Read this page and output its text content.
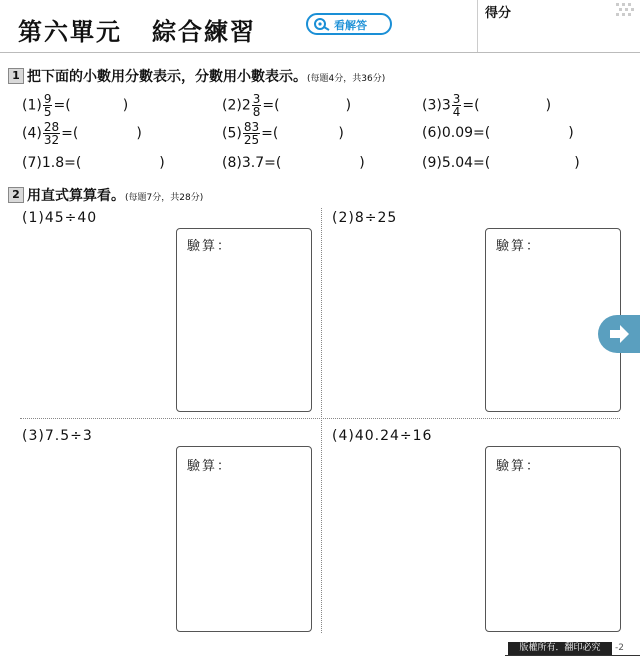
第六單元 綜合練習	看解答
得分
1 把下面的小數用分數表示，分數用小數表示。(每題4分，共36分)
$(1) \frac{9}{5}$ =(	)	$(2)2 \frac{3}{8}$ =(	)	$(3)3 \frac{3}{4}$ =(	)
$(4) \frac{28}{32}$ =(	)	$(5) \frac{83}{25}$ =(	)	(6)0.09=(	)
(7)1.8=(	)	(8)3.7=(	)	(9)5.04=(	)
2 用直式算算看。(每題7分，共28分)
(1)45÷40
驗算：
(2)8÷25
驗算：
(3)7.5÷3
驗算：
(4)40.24÷16
驗算：
版權所有．翻印必究	-2
